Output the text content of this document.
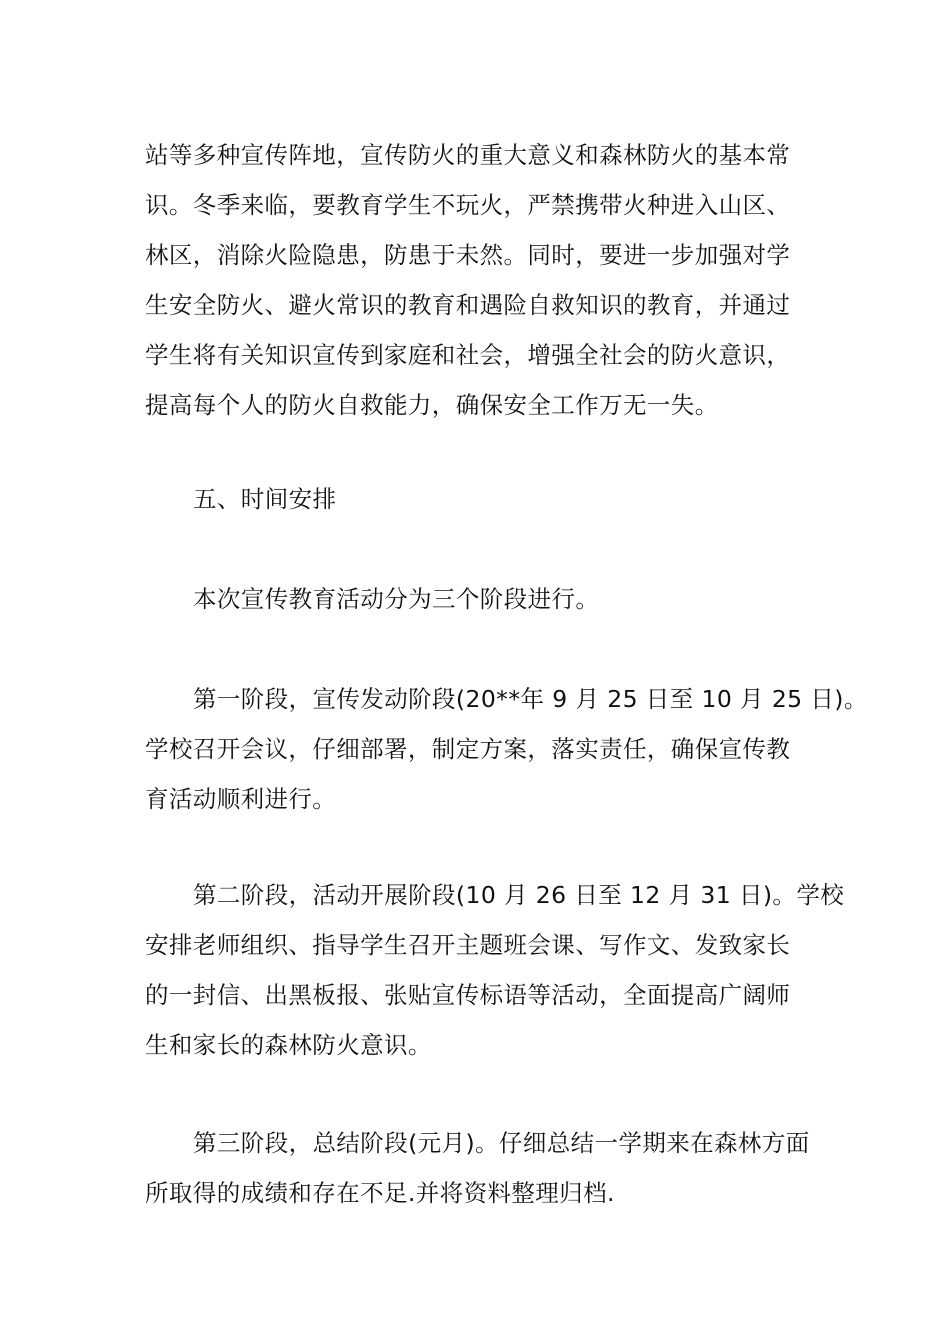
站等多种宣传阵地，宣传防火的重大意义和森林防火的基本常
识。冬季来临，要教育学生不玩火，严禁携带火种进入山区、
林区，消除火险隐患，防患于未然。同时，要进一步加强对学
生安全防火、避火常识的教育和遇险自救知识的教育，并通过
学生将有关知识宣传到家庭和社会，增强全社会的防火意识，
提高每个人的防火自救能力，确保安全工作万无一失。
五、时间安排
本次宣传教育活动分为三个阶段进行。
第一阶段，宣传发动阶段(20**年 9 月 25 日至 10 月 25 日)。
学校召开会议，仔细部署，制定方案，落实责任，确保宣传教
育活动顺利进行。
第二阶段，活动开展阶段(10 月 26 日至 12 月 31 日)。学校
安排老师组织、指导学生召开主题班会课、写作文、发致家长
的一封信、出黑板报、张贴宣传标语等活动，全面提高广阔师
生和家长的森林防火意识。
第三阶段，总结阶段(元月)。仔细总结一学期来在森林方面
所取得的成绩和存在不足.并将资料整理归档.
